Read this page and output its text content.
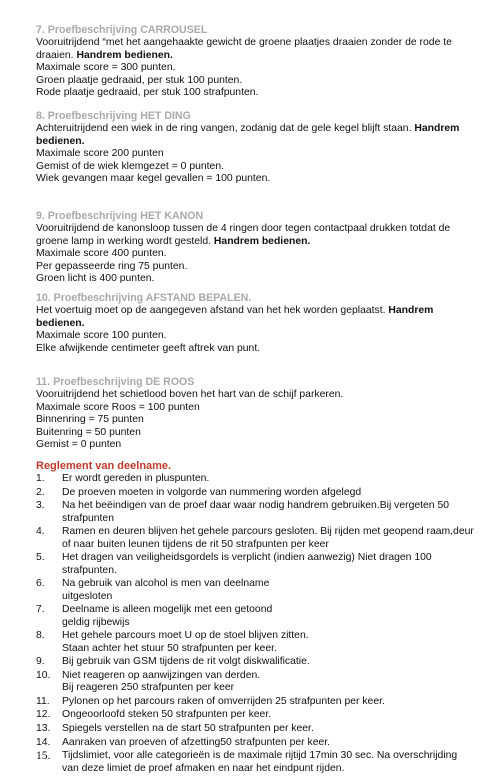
7. Proefbeschrijving CARROUSEL
Vooruitrijdend “met het aangehaakte gewicht de groene plaatjes draaien zonder de rode te draaien. Handrem bedienen.
Maximale score = 300 punten.
Groen plaatje gedraaid, per stuk 100 punten.
Rode plaatje gedraaid, per stuk 100 strafpunten.
8. Proefbeschrijving HET DING
Achteruitrijdend een wiek in de ring vangen, zodanig dat de gele kegel blijft staan. Handrem bedienen.
Maximale score 200 punten
Gemist of de wiek klemgezet = 0 punten.
Wiek gevangen maar kegel gevallen = 100 punten.
9. Proefbeschrijving HET KANON
Vooruitrijdend de kanonsloop tussen de 4 ringen door tegen contactpaal drukken totdat de groene lamp in werking wordt gesteld. Handrem bedienen.
Maximale score 400 punten.
Per gepasseerde ring 75 punten.
Groen licht is 400 punten.
10. Proefbeschrijving AFSTAND BEPALEN.
Het voertuig moet op de aangegeven afstand van het hek worden geplaatst. Handrem bedienen.
Maximale score 100 punten.
Elke afwijkende centimeter geeft aftrek van punt.
11. Proefbeschrijving DE ROOS
Vooruitrijdend het schietlood boven het hart van de schijf parkeren.
Maximale score Roos = 100 punten
Binnenring = 75 punten
Buitenring = 50 punten
Gemist = 0 punten
Reglement van deelname.
1. Er wordt gereden in pluspunten.
2. De proeven moeten in volgorde van nummering worden afgelegd
3. Na het beëindigen van de proef daar waar nodig handrem gebruiken.Bij vergeten 50 strafpunten
4. Ramen en deuren blijven het gehele parcours gesloten. Bij rijden met geopend raam,deur of naar buiten leunen tijdens de rit 50 strafpunten per keer
5. Het dragen van veiligheidsgordels is verplicht (indien aanwezig) Niet dragen 100 strafpunten.
6. Na gebruik van alcohol is men van deelname
uitgesloten
7. Deelname is alleen mogelijk met een getoond
geldig rijbewijs
8. Het gehele parcours moet U op de stoel blijven zitten.
Staan achter het stuur 50 strafpunten per keer.
9. Bij gebruik van GSM tijdens de rit volgt diskwalificatie.
10. Niet reageren op aanwijzingen van derden.
Bij reageren 250 strafpunten per keer
11. Pylonen op het parcours raken of omverrijden 25 strafpunten per keer.
12. Ongeoorloofd steken 50 strafpunten per keer.
13. Spiegels verstellen na de start 50 strafpunten per keer.
14. Aanraken van proeven of afzetting50 strafpunten per keer.
15. Tijdslimiet, voor alle categorieën is de maximale rijtijd 17min 30 sec. Na overschrijding van deze limiet de proef afmaken en naar het eindpunt rijden.
